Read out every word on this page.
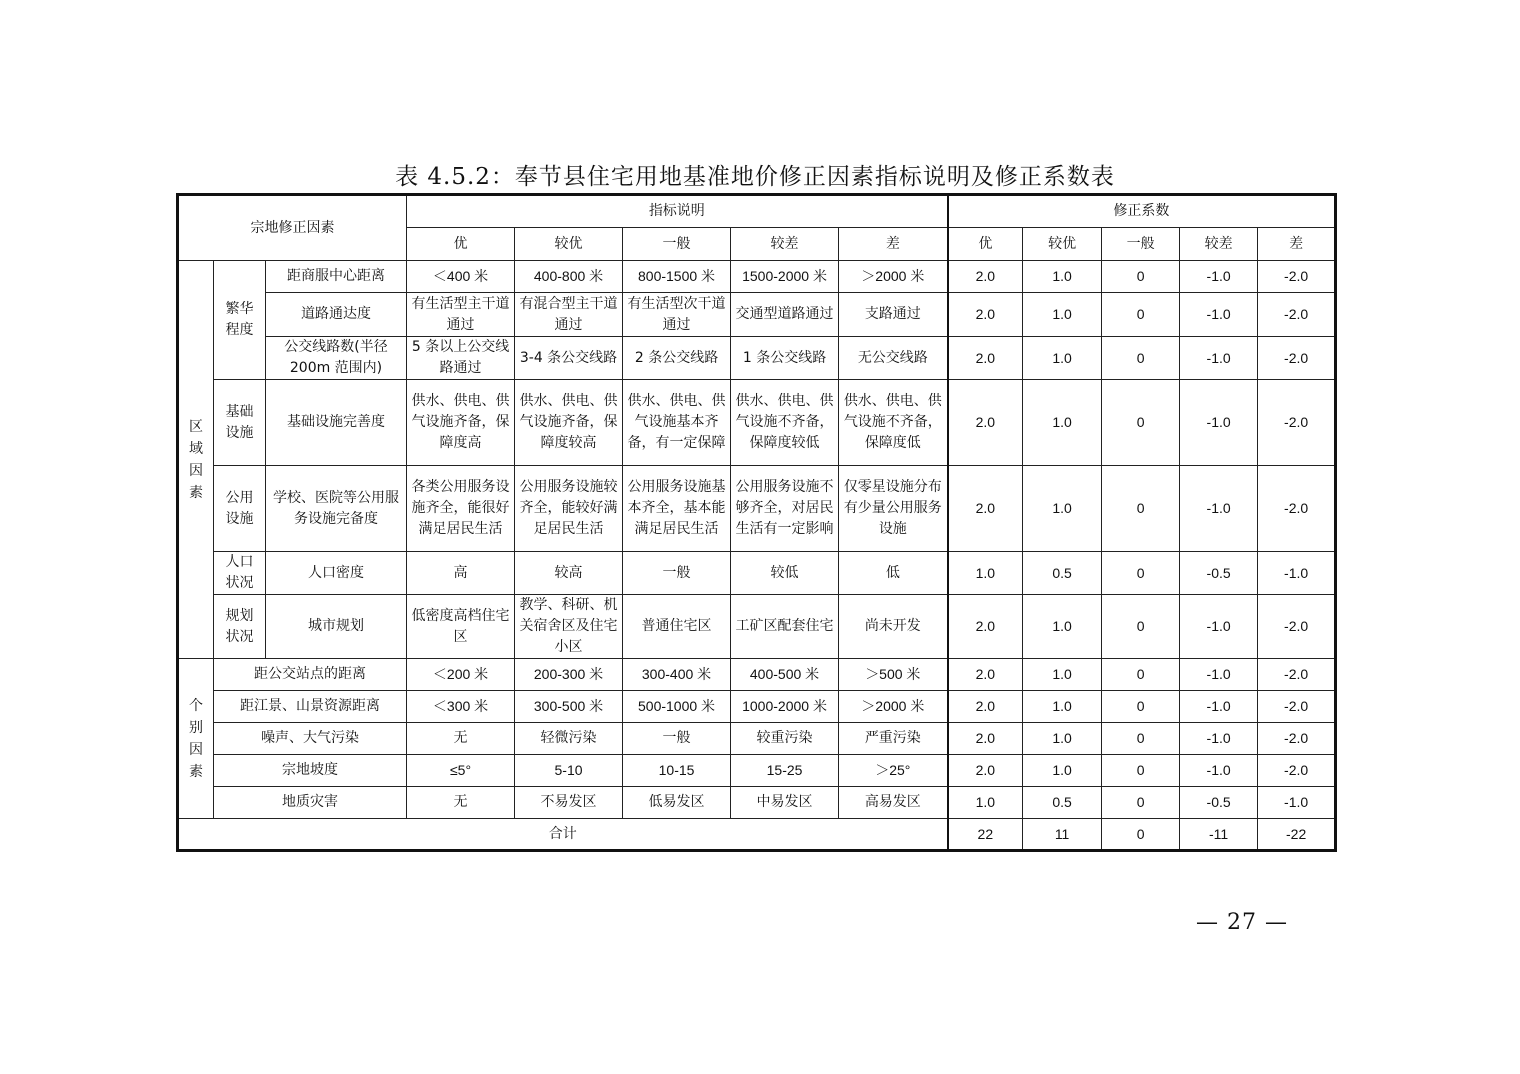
表 4.5.2：奉节县住宅用地基准地价修正因素指标说明及修正系数表
宗地修正因素			指标说明					修正系数				
			优	较优	一般	较差	差	优	较优	一般	较差	差
区域因素	繁华程度	距商服中心距离	＜400 米	400-800 米	800-1500 米	1500-2000 米	＞2000 米	2.0	1.0	0	-1.0	-2.0
		道路通达度	有生活型主干道通过	有混合型主干道通过	有生活型次干道通过	交通型道路通过	支路通过	2.0	1.0	0	-1.0	-2.0
		公交线路数(半径200m 范围内)	5 条以上公交线路通过	3-4 条公交线路	2 条公交线路	1 条公交线路	无公交线路	2.0	1.0	0	-1.0	-2.0
	基础设施	基础设施完善度	供水、供电、供气设施齐备，保障度高	供水、供电、供气设施齐备，保障度较高	供水、供电、供气设施基本齐备，有一定保障	供水、供电、供气设施不齐备，保障度较低	供水、供电、供气设施不齐备，保障度低	2.0	1.0	0	-1.0	-2.0
	公用设施	学校、医院等公用服务设施完备度	各类公用服务设施齐全，能很好满足居民生活	公用服务设施较齐全，能较好满足居民生活	公用服务设施基本齐全，基本能满足居民生活	公用服务设施不够齐全，对居民生活有一定影响	仅零星设施分布有少量公用服务设施	2.0	1.0	0	-1.0	-2.0
	人口状况	人口密度	高	较高	一般	较低	低	1.0	0.5	0	-0.5	-1.0
	规划状况	城市规划	低密度高档住宅区	教学、科研、机关宿舍区及住宅小区	普通住宅区	工矿区配套住宅	尚未开发	2.0	1.0	0	-1.0	-2.0
个别因素	距公交站点的距离		＜200 米	200-300 米	300-400 米	400-500 米	＞500 米	2.0	1.0	0	-1.0	-2.0
	距江景、山景资源距离		＜300 米	300-500 米	500-1000 米	1000-2000 米	＞2000 米	2.0	1.0	0	-1.0	-2.0
	噪声、大气污染		无	轻微污染	一般	较重污染	严重污染	2.0	1.0	0	-1.0	-2.0
	宗地坡度		≤5°	5-10	10-15	15-25	＞25°	2.0	1.0	0	-1.0	-2.0
	地质灾害		无	不易发区	低易发区	中易发区	高易发区	1.0	0.5	0	-0.5	-1.0
合计								22	11	0	-11	-22
— 27 —
